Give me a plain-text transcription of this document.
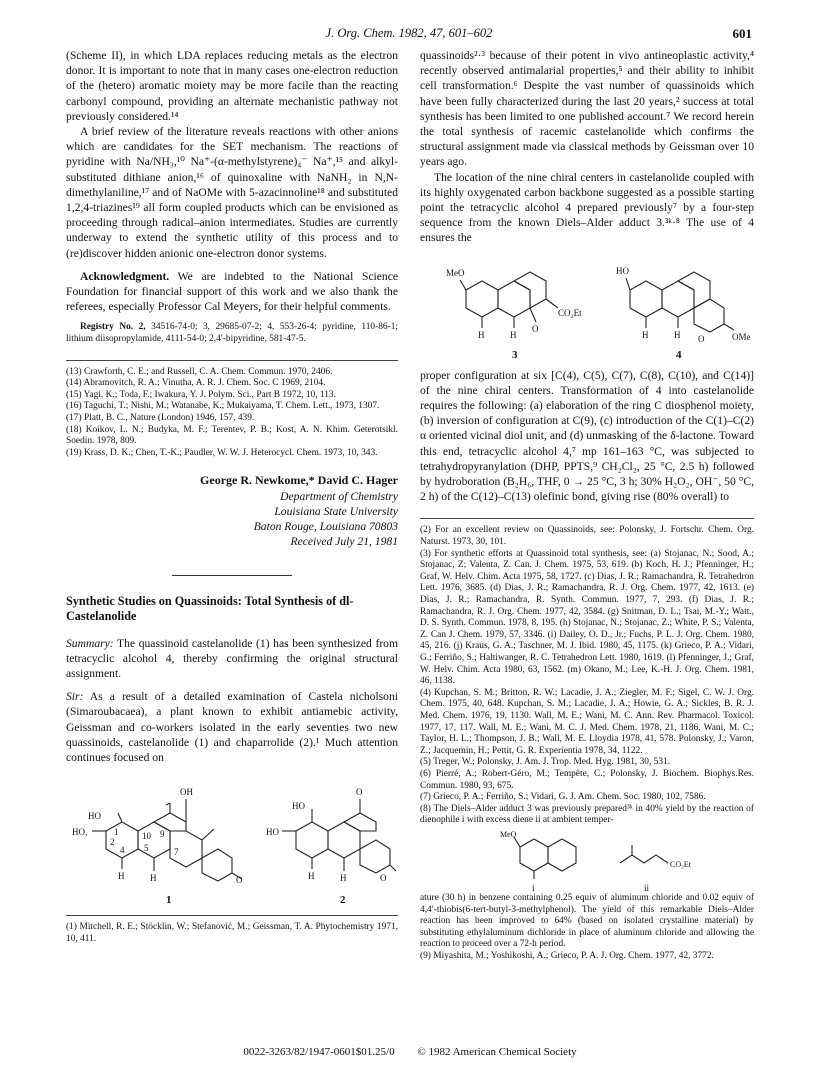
J. Org. Chem. 1982, 47, 601–602	601

(Scheme II), in which LDA replaces reducing metals as the electron donor. It is important to note that in many cases one-electron reduction of the (hetero) aromatic moiety may be more facile than the reacting carbonyl compound, providing an alternate mechanistic pathway not previously considered.¹⁴

A brief review of the literature reveals reactions with other anions which are candidates for the SET mechanism. The reactions of pyridine with Na/NH₃,¹⁰ Na⁺-(α-methylstyrene)₄⁻ Na⁺,¹⁵ and alkyl-substituted dithiane anion,¹⁶ of quinoxaline with NaNH₂ in N,N-dimethylaniline,¹⁷ and of NaOMe with 5-azacinnoline¹⁸ and substituted 1,2,4-triazines¹⁹ all form coupled products which can be envisioned as proceeding through radical–anion intermediates. Studies are currently underway to extend the synthetic utility of this process and to (re)discover hidden anionic one-electron donor systems.

Acknowledgment. We are indebted to the National Science Foundation for financial support of this work and we also thank the referees, especially Professor Cal Meyers, for their helpful comments.

Registry No. 2, 34516-74-0; 3, 29685-07-2; 4, 553-26-4; pyridine, 110-86-1; lithium diisopropylamide, 4111-54-0; 2,4′-bipyridine, 581-47-5.

(13) Crawforth, C. E.; and Russell, C. A. Chem. Commun. 1970, 2406.

(14) Abramovitch, R. A.; Vinutha, A. R. J. Chem. Soc. C 1969, 2104.

(15) Yagi, K.; Toda, F.; Iwakura, Y. J. Polym. Sci., Part B 1972, 10, 113.

(16) Taguchi, T.; Nishi, M.; Watanabe, K.; Mukaiyama, T. Chem. Lett., 1973, 1307.

(17) Platt, B. C., Nature (London) 1946, 157, 439.

(18) Koikov, L. N.; Budyka, M. F.; Terentev, P. B.; Kost, A. N. Khim. Geterotsikl. Soedin. 1978, 809.

(19) Krass, D. K.; Chen, T.-K.; Paudler, W. W. J. Heterocycl. Chem. 1973, 10, 343.

George R. Newkome,* David C. Hager
Department of Chemistry
Louisiana State University
Baton Rouge, Louisiana 70803
Received July 21, 1981
Synthetic Studies on Quassinoids: Total Synthesis of dl-Castelanolide

Summary: The quassinoid castelanolide (1) has been synthesized from tetracyclic alcohol 4, thereby confirming the original structural assignment.

Sir: As a result of a detailed examination of Castela nicholsoni (Simaroubacaea), a plant known to exhibit antiamebic activity, Geissman and co-workers isolated in the early seventies two new quassinoids, castelanolide (1) and chaparrolide (2).¹ Much attention continues focused on

OH
HO
HO,
H	H	O
1
2
4
10
5
9
7
HO
HO
O
H	H	O
1	2

(1) Mitchell, R. E.; Stöcklin, W.; Stefanović, M.; Geissman, T. A. Phytochemistry 1971, 10, 411.

quassinoids²·³ because of their potent in vivo antineoplastic activity,⁴ recently observed antimalarial properties,⁵ and their ability to inhibit cell transformation.⁶ Despite the vast number of quassinoids which have been fully characterized during the last 20 years,² success at total synthesis has been limited to one published account.⁷ We record herein the total synthesis of racemic castelanolide which confirms the structural assignment made via classical methods by Geissman over 10 years ago.

The location of the nine chiral centers in castelanolide coupled with its highly oxygenated carbon backbone suggested as a possible starting point the tetracyclic alcohol 4 prepared previously⁷ by a four-step sequence from the known Diels–Alder adduct 3.³ᵏ·⁸ The use of 4 ensures the

MeO
H	H
O
CO₂Et
HO
H	H O	OMe
3	4

proper configuration at six [C(4), C(5), C(7), C(8), C(10), and C(14)] of the nine chiral centers. Transformation of 4 into castelanolide requires the following: (a) elaboration of the ring C diosphenol moiety, (b) inversion of configuration at C(9), (c) introduction of the C(1)–C(2) α oriented vicinal diol unit, and (d) unmasking of the δ-lactone. Toward this end, tetracyclic alcohol 4,⁷ mp 161–163 °C, was subjected to tetrahydropyranylation (DHP, PPTS,⁹ CH₂Cl₂, 25 °C, 2.5 h) followed by hydroboration (B₂H₆, THF, 0 → 25 °C, 3 h; 30% H₂O₂, OH⁻, 50 °C, 2 h) of the C(12)–C(13) olefinic bond, giving rise (80% overall) to

(2) For an excellent review on Quassinoids, see: Polonsky, J. Fortschr. Chem. Org. Naturst. 1973, 30, 101.

(3) For synthetic efforts at Quassinoid total synthesis, see: (a) Stojanac, N.; Sood, A.; Stojanac, Z; Valenta, Z. Can. J. Chem. 1975, 53, 619. (b) Koch, H. J.; Pfenninger, H.; Graf, W. Helv. Chim. Acta 1975, 58, 1727. (c) Dias, J. R.; Ramachandra, R. Tetrahedron Lett. 1976, 3685. (d) Dias, J. R.; Ramachandra, R. J. Org. Chem. 1977, 42, 1613. (e) Dias, J. R.; Ramachandra, R. Synth. Commun. 1977, 7, 293. (f) Dias, J. R.; Ramachandra, R. J. Org. Chem. 1977, 42, 3584. (g) Snitman, D. L.; Tsai, M.-Y.; Watt., D. S. Synth. Commun. 1978, 8, 195. (h) Stojanac, N.; Stojanac, Z.; White, P. S.; Valenta, Z. Can J. Chem. 1979, 57, 3346. (i) Dailey, O. D., Jr.; Fuchs, P. L. J. Org. Chem. 1980, 45, 216. (j) Kraus, G. A.; Taschner, M. J. Ibid. 1980, 45, 1175. (k) Grieco, P. A.; Vidari, G.; Ferriño, S.; Haltiwanger, R. C. Tetrahedron Lett. 1980, 1619. (l) Pfenninger, J.; Graf, W. Helv. Chim. Acta 1980, 63, 1562. (m) Okano, M.; Lee, K.-H. J. Org. Chem. 1981, 46, 1138.

(4) Kupchan, S. M.; Britton, R. W.; Lacadie, J. A.; Ziegler, M. F.; Sigel, C. W. J. Org. Chem. 1975, 40, 648. Kupchan, S. M.; Lacadie, J. A.; Howie, G. A.; Sickles, B. R. J. Med. Chem. 1976, 19, 1130. Wall, M. E.; Wani, M. C. Ann. Rev. Pharmacol. Toxicol. 1977, 17, 117. Wall, M. E.; Wani, M. C. J. Med. Chem. 1978, 21, 1186. Wani, M. C.; Taylor, H. L.; Thompson, J. B.; Wall, M. E. Lloydia 1978, 41, 578. Polonsky, J.; Varon, Z.; Jacquemin, H.; Pettit, G. R. Experientia 1978, 34, 1122.

(5) Treger, W.; Polonsky, J. Am. J. Trop. Med. Hyg. 1981, 30, 531.

(6) Pierré, A.; Robert-Géro, M.; Tempête, C.; Polonsky, J. Biochem. Biophys.Res. Commun. 1980, 93, 675.

(7) Grieco, P. A.; Ferriño, S.; Vidari, G. J. Am. Chem. Soc. 1980, 102, 7586.

(8) The Diels–Alder adduct 3 was previously prepared³ᵏ in 40% yield by the reaction of dienophile i with excess diene ii at ambient temper-

MeO
CO₂Et
i	ii

ature (30 h) in benzene containing 0.25 equiv of aluminum chloride and 0.02 equiv of 4,4′-thiobis(6-tert-butyl-3-methylphenol). The yield of this remarkable Diels–Alder reaction has been improved to 64% (based on isolated crystalline material) by substituting ethylaluminum dichloride in place of aluminum chloride and allowing the reaction to proceed over a 72-h period.

(9) Miyashita, M.; Yoshikoshi, A.; Grieco, P. A. J. Org. Chem. 1977, 42, 3772.

0022-3263/82/1947-0601$01.25/0 © 1982 American Chemical Society
